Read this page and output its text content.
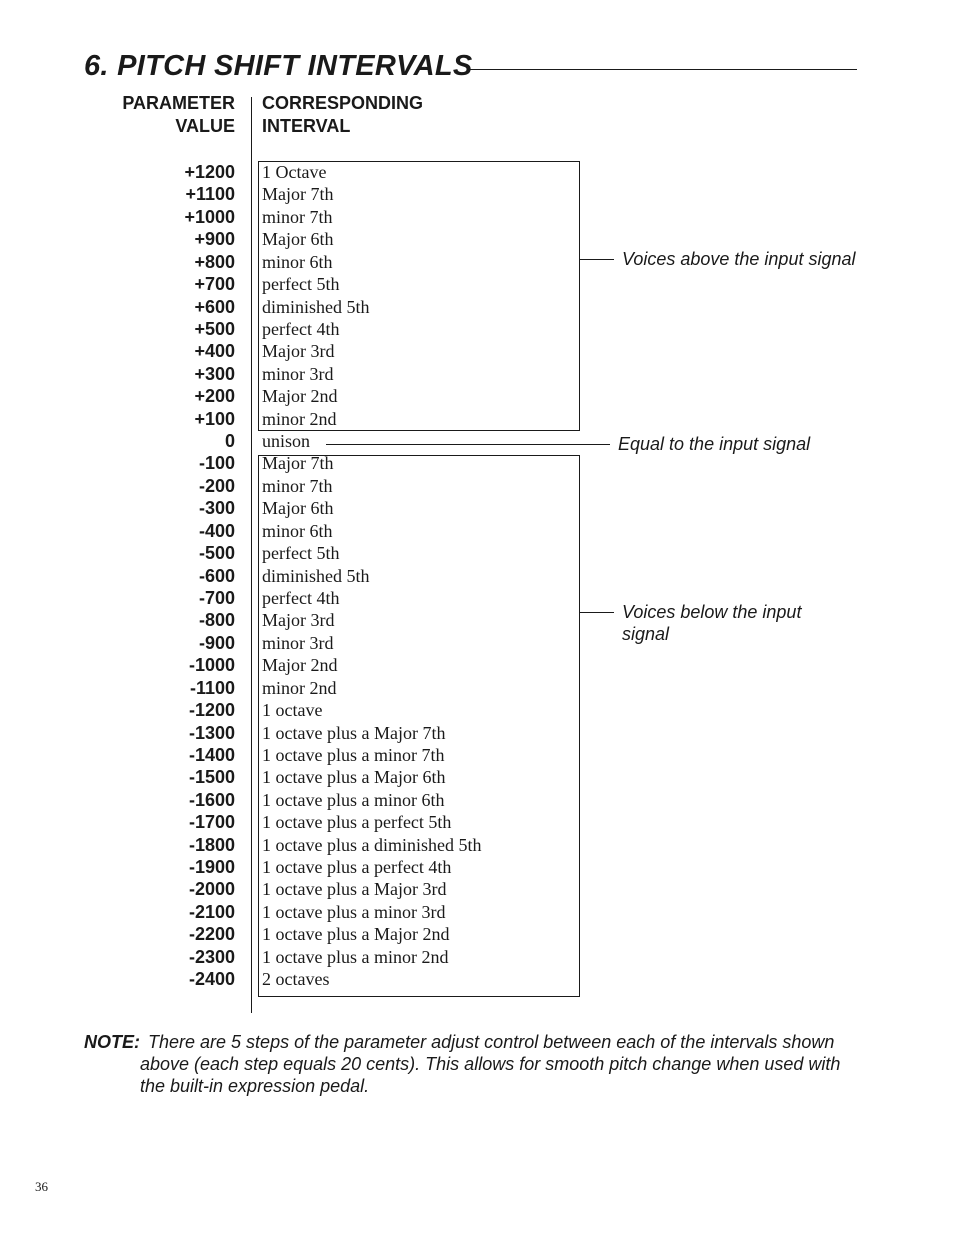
6. PITCH SHIFT INTERVALS
PARAMETER
VALUE
CORRESPONDING
INTERVAL
+1200 1 Octave
+1100 Major 7th
+1000 minor 7th
+900 Major 6th
+800 minor 6th
+700 perfect 5th
+600 diminished 5th
+500 perfect 4th
+400 Major 3rd
+300 minor 3rd
+200 Major 2nd
+100 minor 2nd
0 unison
-100 Major 7th
-200 minor 7th
-300 Major 6th
-400 minor 6th
-500 perfect 5th
-600 diminished 5th
-700 perfect 4th
-800 Major 3rd
-900 minor 3rd
-1000 Major 2nd
-1100 minor 2nd
-1200 1 octave
-1300 1 octave plus a Major 7th
-1400 1 octave plus a minor 7th
-1500 1 octave plus a Major 6th
-1600 1 octave plus a minor 6th
-1700 1 octave plus a perfect 5th
-1800 1 octave plus a diminished 5th
-1900 1 octave plus a perfect 4th
-2000 1 octave plus a Major 3rd
-2100 1 octave plus a minor 3rd
-2200 1 octave plus a Major 2nd
-2300 1 octave plus a minor 2nd
-2400 2 octaves
Voices above the input signal
Equal to the input signal
Voices below the input
signal
NOTE: There are 5 steps of the parameter adjust control between each of the intervals shown
above (each step equals 20 cents). This allows for smooth pitch change when used with
the built-in expression pedal.
36
